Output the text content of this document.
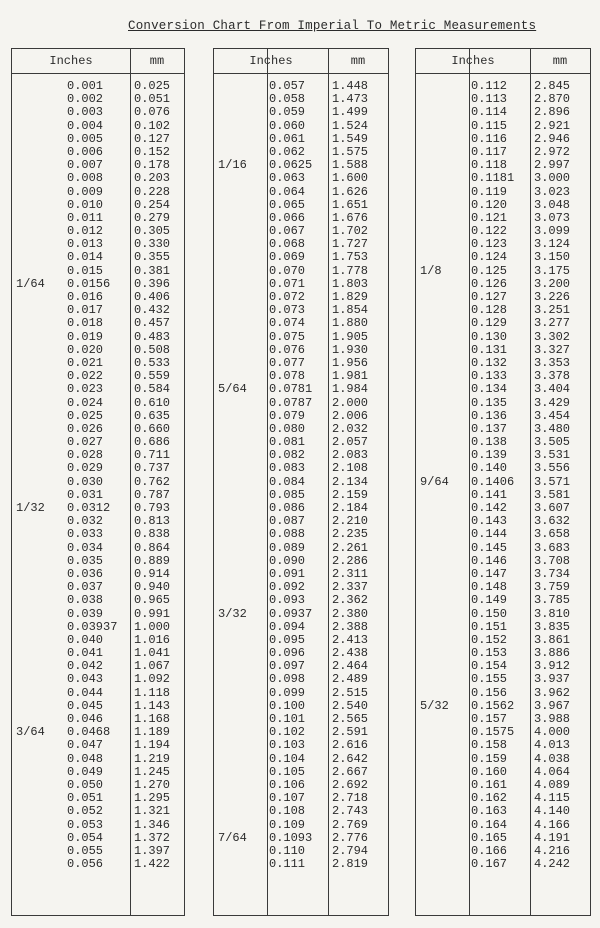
Conversion Chart From Imperial To Metric Measurements
Inches	mm
0.001	0.025
0.002	0.051
0.003	0.076
0.004	0.102
0.005	0.127
0.006	0.152
0.007	0.178
0.008	0.203
0.009	0.228
0.010	0.254
0.011	0.279
0.012	0.305
0.013	0.330
0.014	0.355
0.015	0.381
1/64 0.0156 0.396
0.016	0.406
0.017	0.432
0.018	0.457
0.019	0.483
0.020	0.508
0.021	0.533
0.022	0.559
0.023	0.584
0.024	0.610
0.025	0.635
0.026	0.660
0.027	0.686
0.028	0.711
0.029	0.737
0.030	0.762
0.031	0.787
1/32 0.0312 0.793
0.032	0.813
0.033	0.838
0.034	0.864
0.035	0.889
0.036	0.914
0.037	0.940
0.038	0.965
0.039	0.991
0.03937 1.000
0.040	1.016
0.041	1.041
0.042	1.067
0.043	1.092
0.044	1.118
0.045	1.143
0.046	1.168
3/64 0.0468 1.189
0.047	1.194
0.048	1.219
0.049	1.245
0.050	1.270
0.051	1.295
0.052	1.321
0.053	1.346
0.054	1.372
0.055	1.397
0.056	1.422
Inches	mm
0.057 1.448
0.058 1.473
0.059 1.499
0.060 1.524
0.061 1.549
0.062 1.575
1/16 0.0625 1.588
0.063 1.600
0.064 1.626
0.065 1.651
0.066 1.676
0.067 1.702
0.068 1.727
0.069 1.753
0.070 1.778
0.071 1.803
0.072 1.829
0.073 1.854
0.074 1.880
0.075 1.905
0.076 1.930
0.077 1.956
0.078 1.981
5/64 0.0781 1.984
0.0787 2.000
0.079 2.006
0.080 2.032
0.081 2.057
0.082 2.083
0.083 2.108
0.084 2.134
0.085 2.159
0.086 2.184
0.087 2.210
0.088 2.235
0.089 2.261
0.090 2.286
0.091 2.311
0.092 2.337
0.093 2.362
3/32 0.0937 2.380
0.094 2.388
0.095 2.413
0.096 2.438
0.097 2.464
0.098 2.489
0.099 2.515
0.100 2.540
0.101 2.565
0.102 2.591
0.103 2.616
0.104 2.642
0.105 2.667
0.106 2.692
0.107 2.718
0.108 2.743
0.109 2.769
7/64 0.1093 2.776
0.110 2.794
0.111 2.819
Inches	mm
0.112 2.845
0.113 2.870
0.114 2.896
0.115 2.921
0.116 2.946
0.117 2.972
0.118 2.997
0.1181 3.000
0.119 3.023
0.120 3.048
0.121 3.073
0.122 3.099
0.123 3.124
0.124 3.150
1/8 0.125 3.175
0.126 3.200
0.127 3.226
0.128 3.251
0.129 3.277
0.130 3.302
0.131 3.327
0.132 3.353
0.133 3.378
0.134 3.404
0.135 3.429
0.136 3.454
0.137 3.480
0.138 3.505
0.139 3.531
0.140 3.556
9/64 0.1406 3.571
0.141 3.581
0.142 3.607
0.143 3.632
0.144 3.658
0.145 3.683
0.146 3.708
0.147 3.734
0.148 3.759
0.149 3.785
0.150 3.810
0.151 3.835
0.152 3.861
0.153 3.886
0.154 3.912
0.155 3.937
0.156 3.962
5/32 0.1562 3.967
0.157 3.988
0.1575 4.000
0.158 4.013
0.159 4.038
0.160 4.064
0.161 4.089
0.162 4.115
0.163 4.140
0.164 4.166
0.165 4.191
0.166 4.216
0.167 4.242
